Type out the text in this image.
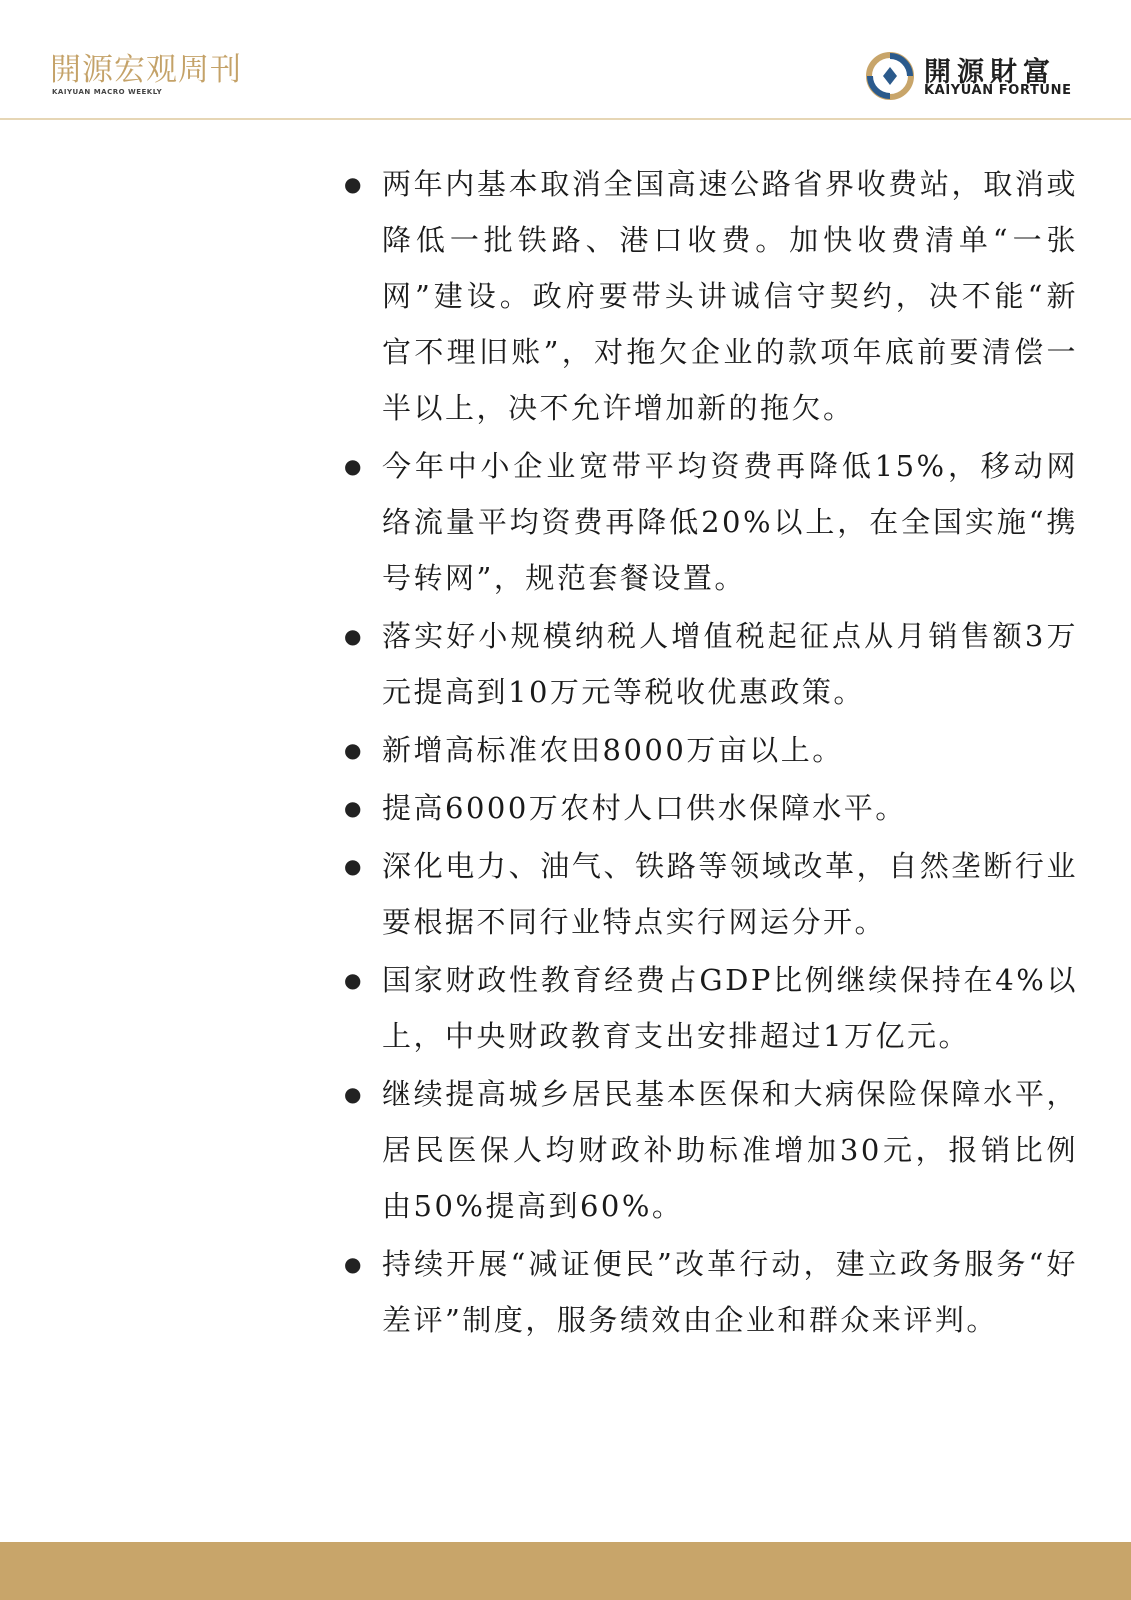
開源宏观周刊
KAIYUAN MACRO WEEKLY
開源財富
KAIYUAN FORTUNE
● 两年内基本取消全国高速公路省界收费站，取消或降低一批铁路、港口收费。加快收费清单“一张网”建设。政府要带头讲诚信守契约，决不能“新官不理旧账”，对拖欠企业的款项年底前要清偿一半以上，决不允许增加新的拖欠。
● 今年中小企业宽带平均资费再降低15%，移动网络流量平均资费再降低20%以上，在全国实施“携号转网”，规范套餐设置。
● 落实好小规模纳税人增值税起征点从月销售额3万元提高到10万元等税收优惠政策。
● 新增高标准农田8000万亩以上。
● 提高6000万农村人口供水保障水平。
● 深化电力、油气、铁路等领域改革，自然垄断行业要根据不同行业特点实行网运分开。
● 国家财政性教育经费占GDP比例继续保持在4%以上，中央财政教育支出安排超过1万亿元。
● 继续提高城乡居民基本医保和大病保险保障水平，居民医保人均财政补助标准增加30元，报销比例由50%提高到60%。
● 持续开展“减证便民”改革行动，建立政务服务“好差评”制度，服务绩效由企业和群众来评判。
